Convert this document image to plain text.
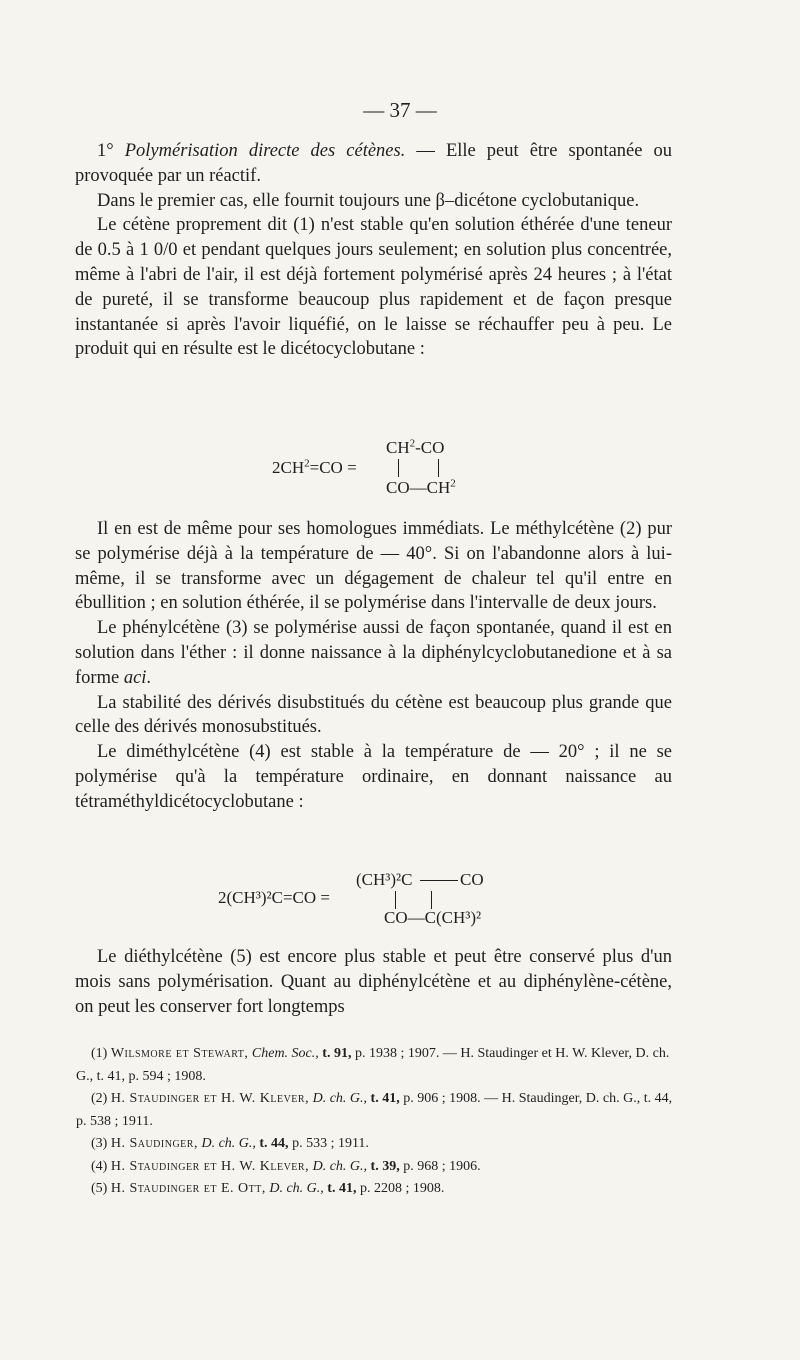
— 37 —

1° Polymérisation directe des cétènes. — Elle peut être spontanée ou provoquée par un réactif.

Dans le premier cas, elle fournit toujours une β–dicétone cyclobutanique.

Le cétène proprement dit (1) n'est stable qu'en solution éthérée d'une teneur de 0.5 à 1 0/0 et pendant quelques jours seulement; en solution plus concentrée, même à l'abri de l'air, il est déjà fortement polymérisé après 24 heures ; à l'état de pureté, il se transforme beaucoup plus rapidement et de façon presque instantanée si après l'avoir liquéfié, on le laisse se réchauffer peu à peu. Le produit qui en résulte est le dicétocyclobutane :

$2CH^2=CO$ =
$CH^2-CO$
$CO—CH^2$

Il en est de même pour ses homologues immédiats. Le méthylcétène (2) pur se polymérise déjà à la température de — 40°. Si on l'abandonne alors à lui-même, il se transforme avec un dégagement de chaleur tel qu'il entre en ébullition ; en solution éthérée, il se polymérise dans l'intervalle de deux jours.

Le phénylcétène (3) se polymérise aussi de façon spontanée, quand il est en solution dans l'éther : il donne naissance à la diphénylcyclobutanedione et à sa forme aci.

La stabilité des dérivés disubstitués du cétène est beaucoup plus grande que celle des dérivés monosubstitués.

Le diméthylcétène (4) est stable à la température de — 20° ; il ne se polymérise qu'à la température ordinaire, en donnant naissance au tétraméthyldicétocyclobutane :

2(CH³)²C=CO =
(CH³)²C	CO
CO—C(CH³)²

Le diéthylcétène (5) est encore plus stable et peut être conservé plus d'un mois sans polymérisation. Quant au diphénylcétène et au diphénylène-cétène, on peut les conserver fort longtemps

(1) Wilsmore et Stewart, Chem. Soc., t. 91, p. 1938 ; 1907. — H. Staudinger et H. W. Klever, D. ch. G., t. 41, p. 594 ; 1908.
(2) H. Staudinger et H. W. Klever, D. ch. G., t. 41, p. 906 ; 1908. — H. Staudinger, D. ch. G., t. 44, p. 538 ; 1911.
(3) H. Saudinger, D. ch. G., t. 44, p. 533 ; 1911.
(4) H. Staudinger et H. W. Klever, D. ch. G., t. 39, p. 968 ; 1906.
(5) H. Staudinger et E. Ott, D. ch. G., t. 41, p. 2208 ; 1908.
